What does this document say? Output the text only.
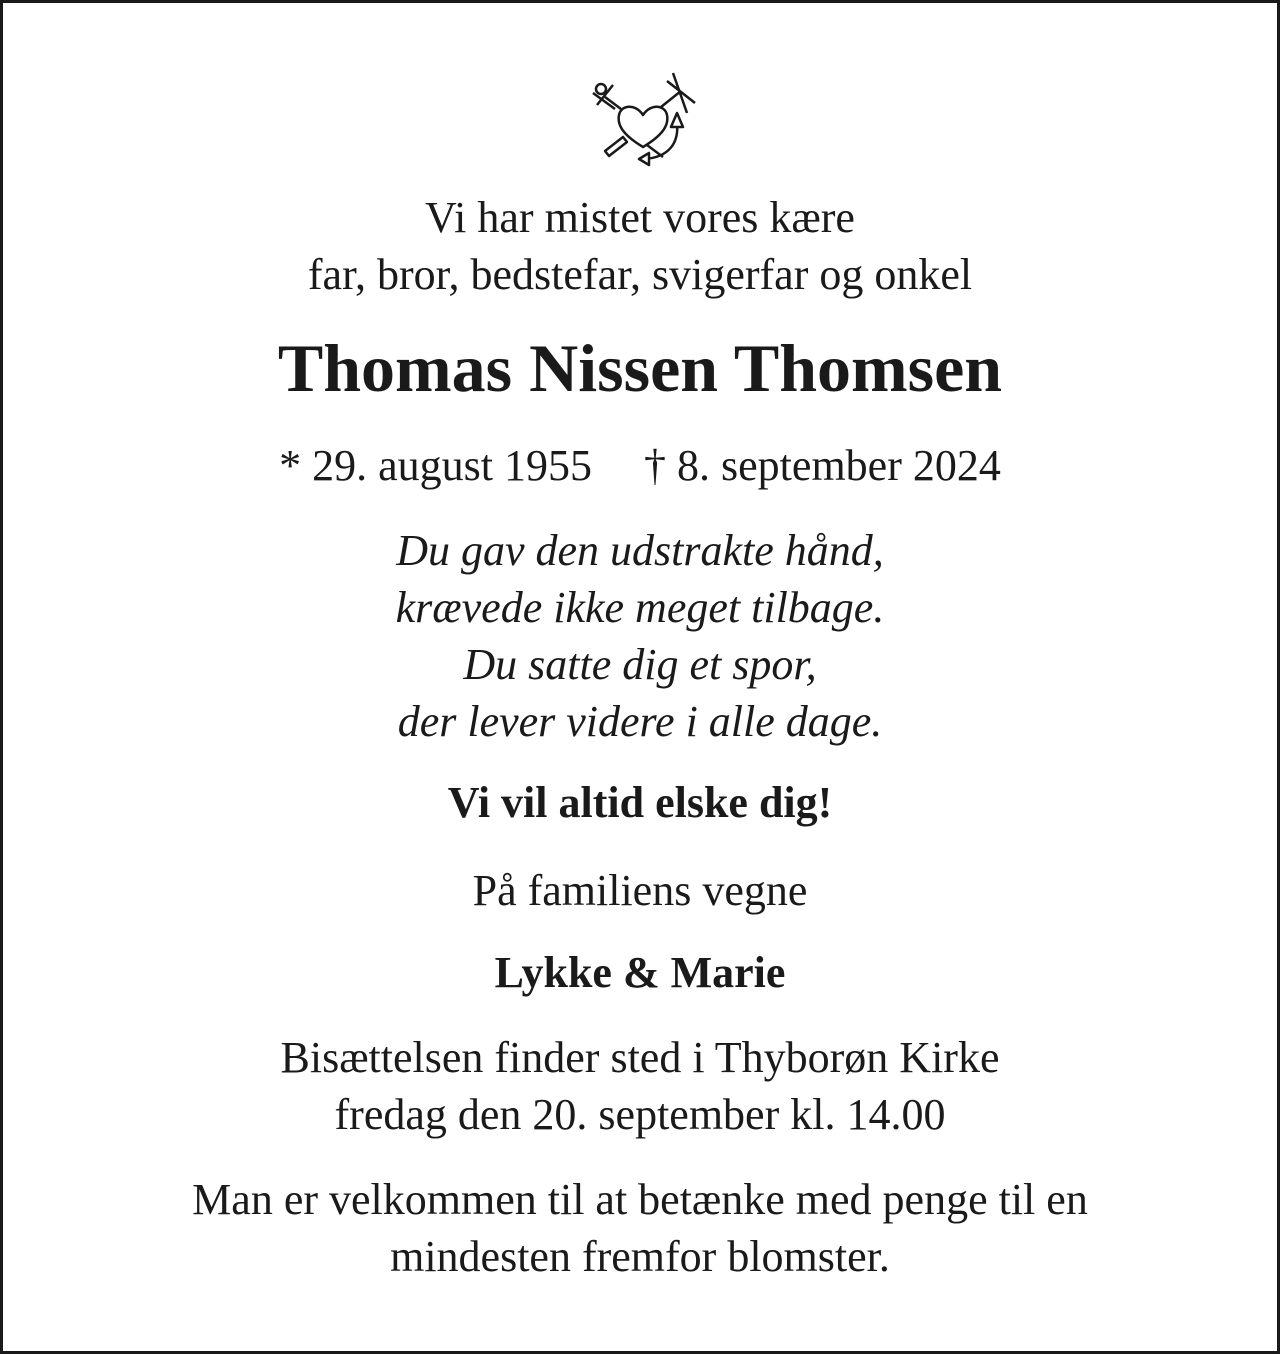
Vi har mistet vores kære
far, bror, bedstefar, svigerfar og onkel
Thomas Nissen Thomsen
* 29. august 1955 † 8. september 2024
Du gav den udstrakte hånd,
krævede ikke meget tilbage.
Du satte dig et spor,
der lever videre i alle dage.
Vi vil altid elske dig!
På familiens vegne
Lykke & Marie
Bisættelsen finder sted i Thyborøn Kirke
fredag den 20. september kl. 14.00
Man er velkommen til at betænke med penge til en
mindesten fremfor blomster.
